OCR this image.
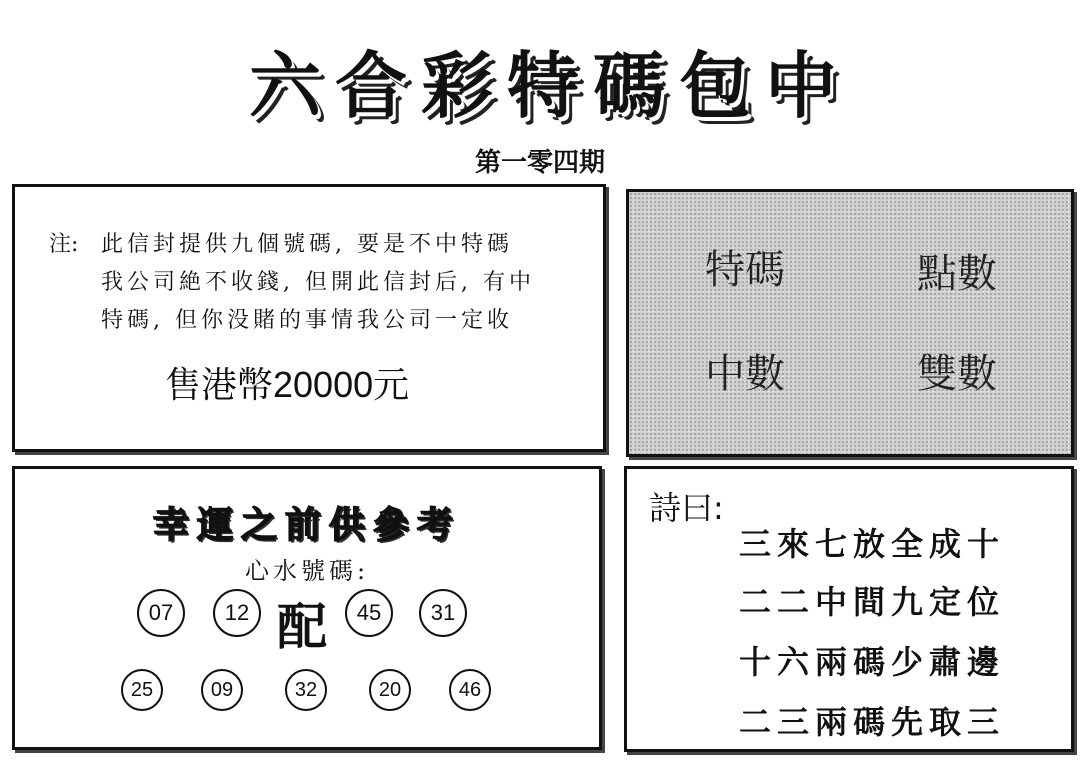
六合彩特碼包中
第一零四期
注: 此信封提供九個號碼, 要是不中特碼
我公司絶不收錢, 但開此信封后, 有中
特碼, 但你没賭的事情我公司一定收
售港幣20000元
特碼	點數
中數	雙數
幸運之前供參考
心水號碼:
07	12 配	45	31
25	09	32	20	46
詩曰:
三來七放全成十
二二中間九定位
十六兩碼少肅邊
二三兩碼先取三
